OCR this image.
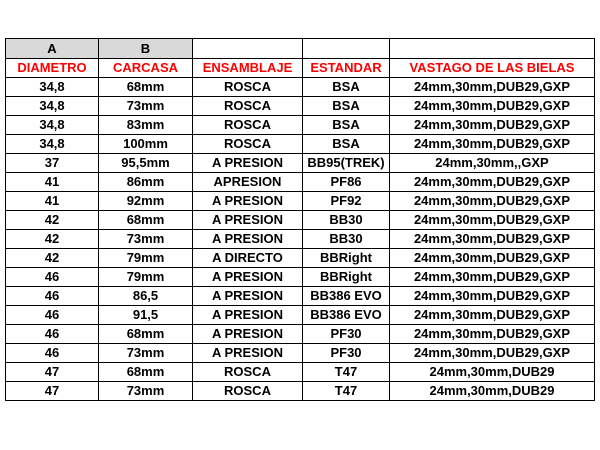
A	B			
DIAMETRO	CARCASA	ENSAMBLAJE	ESTANDAR	VASTAGO DE LAS BIELAS
34,8	68mm	ROSCA	BSA	24mm,30mm,DUB29,GXP
34,8	73mm	ROSCA	BSA	24mm,30mm,DUB29,GXP
34,8	83mm	ROSCA	BSA	24mm,30mm,DUB29,GXP
34,8	100mm	ROSCA	BSA	24mm,30mm,DUB29,GXP
37	95,5mm	A PRESION	BB95(TREK)	24mm,30mm,,GXP
41	86mm	APRESION	PF86	24mm,30mm,DUB29,GXP
41	92mm	A PRESION	PF92	24mm,30mm,DUB29,GXP
42	68mm	A PRESION	BB30	24mm,30mm,DUB29,GXP
42	73mm	A PRESION	BB30	24mm,30mm,DUB29,GXP
42	79mm	A DIRECTO	BBRight	24mm,30mm,DUB29,GXP
46	79mm	A PRESION	BBRight	24mm,30mm,DUB29,GXP
46	86,5	A PRESION	BB386 EVO	24mm,30mm,DUB29,GXP
46	91,5	A PRESION	BB386 EVO	24mm,30mm,DUB29,GXP
46	68mm	A PRESION	PF30	24mm,30mm,DUB29,GXP
46	73mm	A PRESION	PF30	24mm,30mm,DUB29,GXP
47	68mm	ROSCA	T47	24mm,30mm,DUB29
47	73mm	ROSCA	T47	24mm,30mm,DUB29
